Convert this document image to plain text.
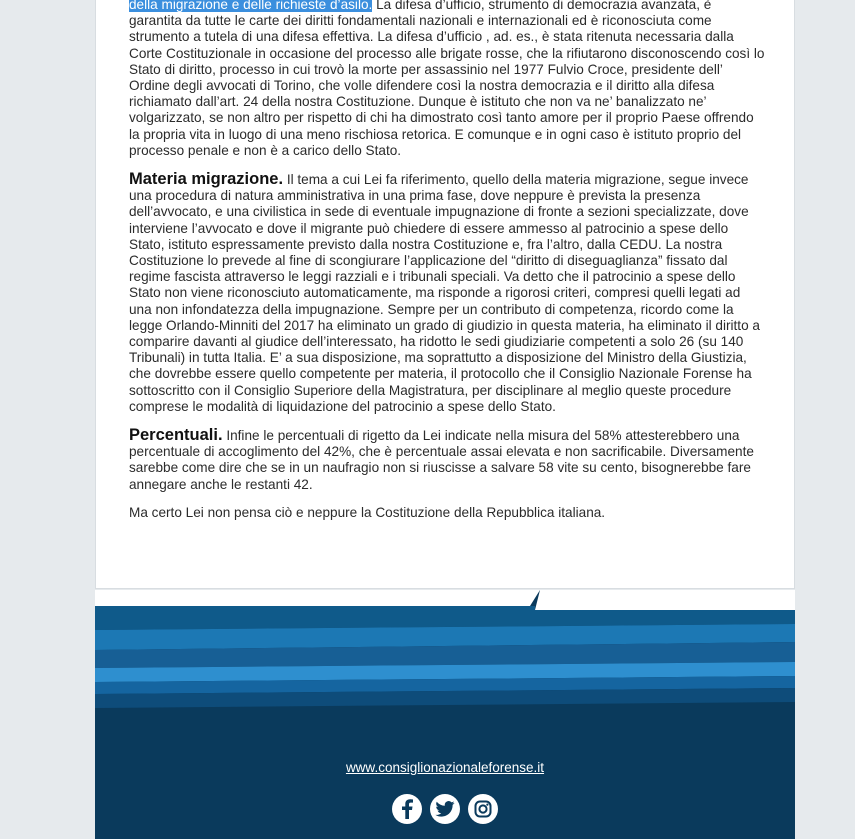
della migrazione e delle richieste d’asilo. La difesa d’ufficio, strumento di democrazia avanzata, è garantita da tutte le carte dei diritti fondamentali nazionali e internazionali ed è riconosciuta come strumento a tutela di una difesa effettiva. La difesa d’ufficio , ad. es., è stata ritenuta necessaria dalla Corte Costituzionale in occasione del processo alle brigate rosse, che la rifiutarono disconoscendo così lo Stato di diritto, processo in cui trovò la morte per assassinio nel 1977 Fulvio Croce, presidente dell’ Ordine degli avvocati di Torino, che volle difendere così la nostra democrazia e il diritto alla difesa richiamato dall’art. 24 della nostra Costituzione. Dunque è istituto che non va ne’ banalizzato ne’ volgarizzato, se non altro per rispetto di chi ha dimostrato così tanto amore per il proprio Paese offrendo la propria vita in luogo di una meno rischiosa retorica. E comunque e in ogni caso è istituto proprio del processo penale e non è a carico dello Stato.

Materia migrazione. Il tema a cui Lei fa riferimento, quello della materia migrazione, segue invece una procedura di natura amministrativa in una prima fase, dove neppure è prevista la presenza dell’avvocato, e una civilistica in sede di eventuale impugnazione di fronte a sezioni specializzate, dove interviene l’avvocato e dove il migrante può chiedere di essere ammesso al patrocinio a spese dello Stato, istituto espressamente previsto dalla nostra Costituzione e, fra l’altro, dalla CEDU. La nostra Costituzione lo prevede al fine di scongiurare l’applicazione del “diritto di diseguaglianza” fissato dal regime fascista attraverso le leggi razziali e i tribunali speciali. Va detto che il patrocinio a spese dello Stato non viene riconosciuto automaticamente, ma risponde a rigorosi criteri, compresi quelli legati ad una non infondatezza della impugnazione. Sempre per un contributo di competenza, ricordo come la legge Orlando-Minniti del 2017 ha eliminato un grado di giudizio in questa materia, ha eliminato il diritto a comparire davanti al giudice dell’interessato, ha ridotto le sedi giudiziarie competenti a solo 26 (su 140 Tribunali) in tutta Italia. E’ a sua disposizione, ma soprattutto a disposizione del Ministro della Giustizia, che dovrebbe essere quello competente per materia, il protocollo che il Consiglio Nazionale Forense ha sottoscritto con il Consiglio Superiore della Magistratura, per disciplinare al meglio queste procedure comprese le modalità di liquidazione del patrocinio a spese dello Stato.

Percentuali. Infine le percentuali di rigetto da Lei indicate nella misura del 58% attesterebbero una percentuale di accoglimento del 42%, che è percentuale assai elevata e non sacrificabile. Diversamente sarebbe come dire che se in un naufragio non si riuscisse a salvare 58 vite su cento, bisognerebbe fare annegare anche le restanti 42.

Ma certo Lei non pensa ciò e neppure la Costituzione della Repubblica italiana.

www.consiglionazionaleforense.it
